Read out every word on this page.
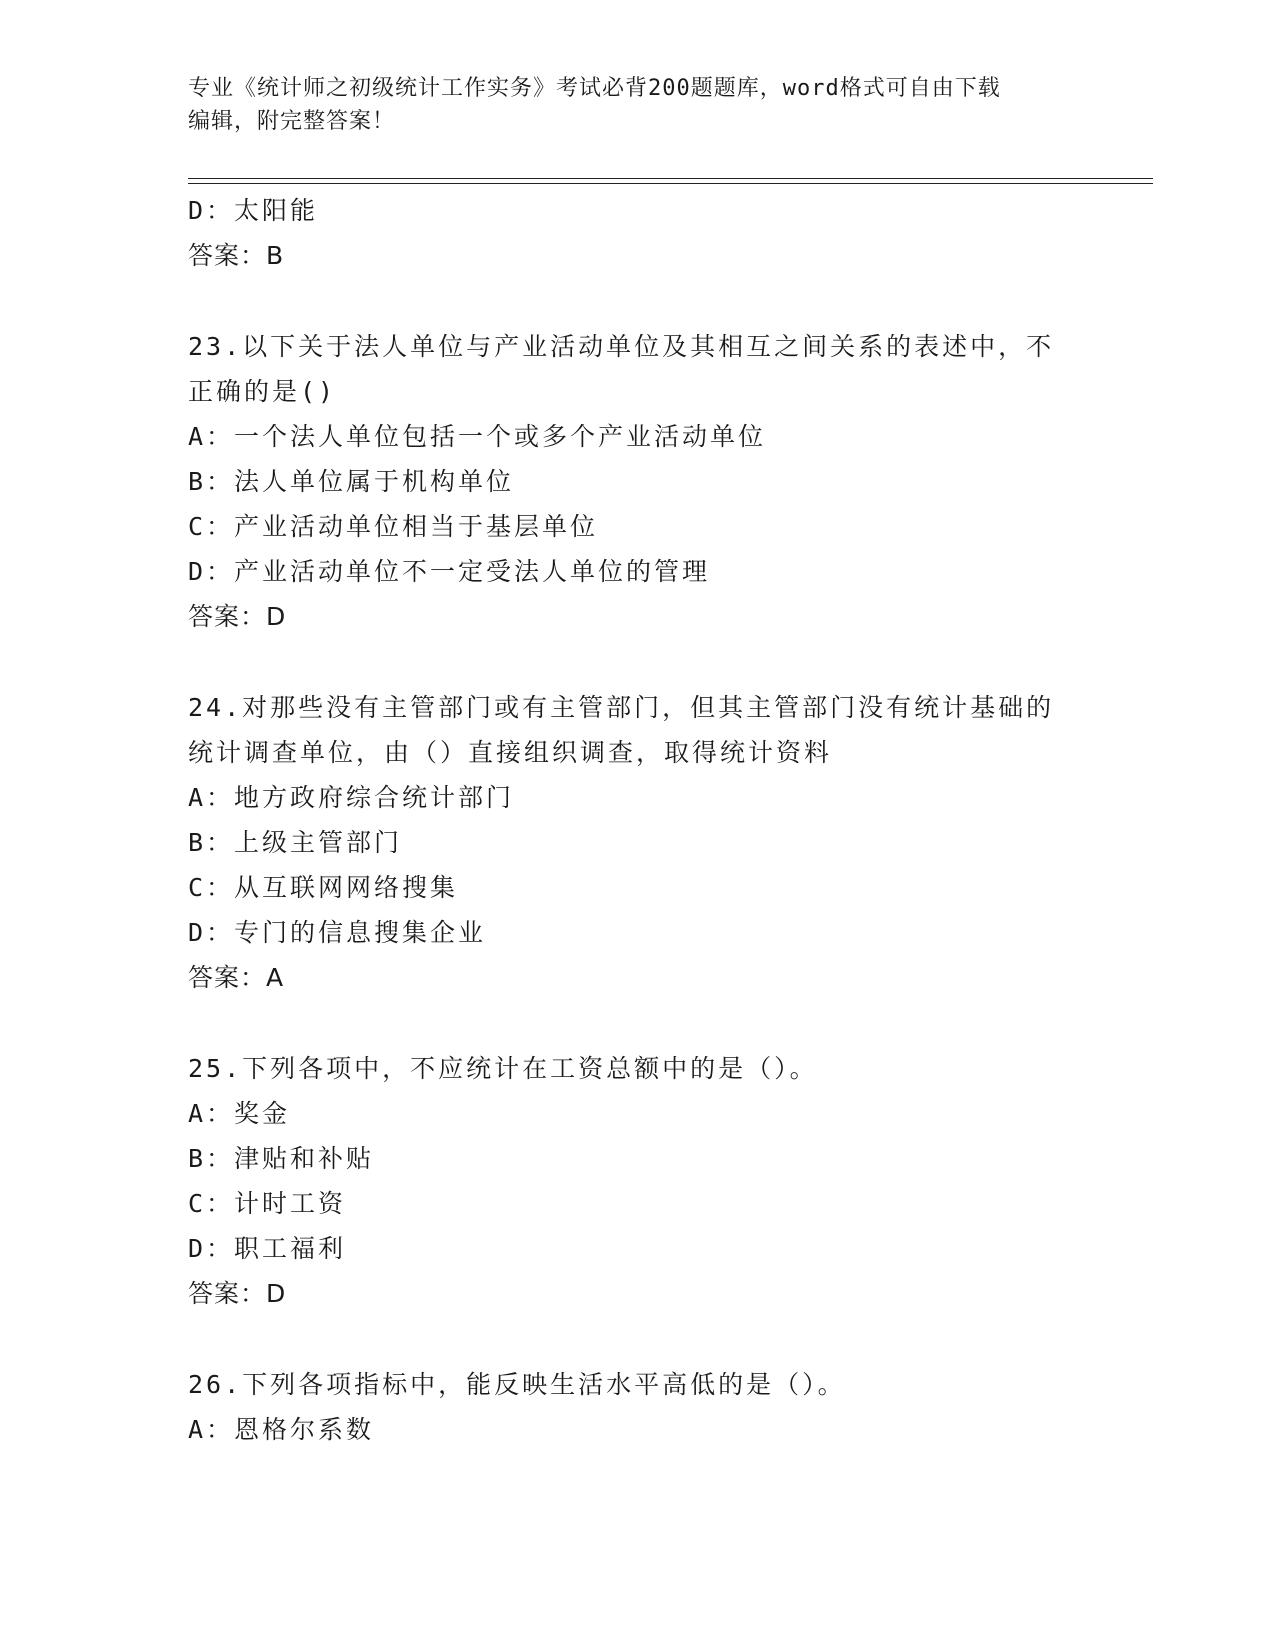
专业《统计师之初级统计工作实务》考试必背200题题库，word格式可自由下载
编辑，附完整答案！
D：太阳能
答案：B
23.以下关于法人单位与产业活动单位及其相互之间关系的表述中，不
正确的是()
A：一个法人单位包括一个或多个产业活动单位
B：法人单位属于机构单位
C：产业活动单位相当于基层单位
D：产业活动单位不一定受法人单位的管理
答案：D
24.对那些没有主管部门或有主管部门，但其主管部门没有统计基础的
统计调查单位，由（）直接组织调查，取得统计资料
A：地方政府综合统计部门
B：上级主管部门
C：从互联网网络搜集
D：专门的信息搜集企业
答案：A
25.下列各项中，不应统计在工资总额中的是（）。
A：奖金
B：津贴和补贴
C：计时工资
D：职工福利
答案：D
26.下列各项指标中，能反映生活水平高低的是（）。
A：恩格尔系数
